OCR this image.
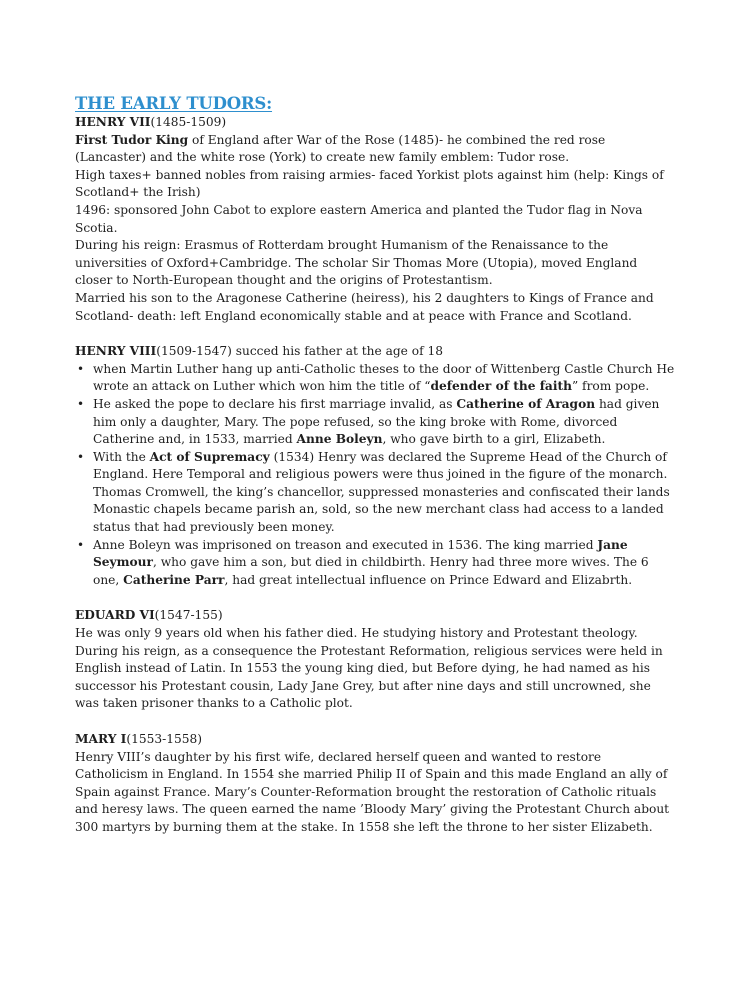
THE EARLY TUDORS:

HENRY VII(1485-1509)

First Tudor King of England after War of the Rose (1485)- he combined the red rose (Lancaster) and the white rose (York) to create new family emblem: Tudor rose.

High taxes+ banned nobles from raising armies- faced Yorkist plots against him (help: Kings of Scotland+ the Irish)

1496: sponsored John Cabot to explore eastern America and planted the Tudor flag in Nova Scotia.

During his reign: Erasmus of Rotterdam brought Humanism of the Renaissance to the universities of Oxford+Cambridge. The scholar Sir Thomas More (Utopia), moved England closer to North-European thought and the origins of Protestantism.

Married his son to the Aragonese Catherine (heiress), his 2 daughters to Kings of France and Scotland- death: left England economically stable and at peace with France and Scotland.

HENRY VIII(1509-1547) succed his father at the age of 18

• when Martin Luther hang up anti-Catholic theses to the door of Wittenberg Castle Church He wrote an attack on Luther which won him the title of “defender of the faith” from pope.
• He asked the pope to declare his first marriage invalid, as Catherine of Aragon had given him only a daughter, Mary. The pope refused, so the king broke with Rome, divorced Catherine and, in 1533, married Anne Boleyn, who gave birth to a girl, Elizabeth.
• With the Act of Supremacy (1534) Henry was declared the Supreme Head of the Church of England. Here Temporal and religious powers were thus joined in the figure of the monarch. Thomas Cromwell, the king’s chancellor, suppressed monasteries and confiscated their lands Monastic chapels became parish an, sold, so the new merchant class had access to a landed status that had previously been money.
• Anne Boleyn was imprisoned on treason and executed in 1536. The king married Jane Seymour, who gave him a son, but died in childbirth. Henry had three more wives. The 6 one, Catherine Parr, had great intellectual influence on Prince Edward and Elizabrth.

EDUARD VI(1547-155)

He was only 9 years old when his father died. He studying history and Protestant theology. During his reign, as a consequence the Protestant Reformation, religious services were held in English instead of Latin. In 1553 the young king died, but Before dying, he had named as his successor his Protestant cousin, Lady Jane Grey, but after nine days and still uncrowned, she was taken prisoner thanks to a Catholic plot.

MARY I(1553-1558)

Henry VIII’s daughter by his first wife, declared herself queen and wanted to restore Catholicism in England. In 1554 she married Philip II of Spain and this made England an ally of Spain against France. Mary’s Counter-Reformation brought the restoration of Catholic rituals and heresy laws. The queen earned the name ’Bloody Mary’ giving the Protestant Church about 300 martyrs by burning them at the stake. In 1558 she left the throne to her sister Elizabeth.
